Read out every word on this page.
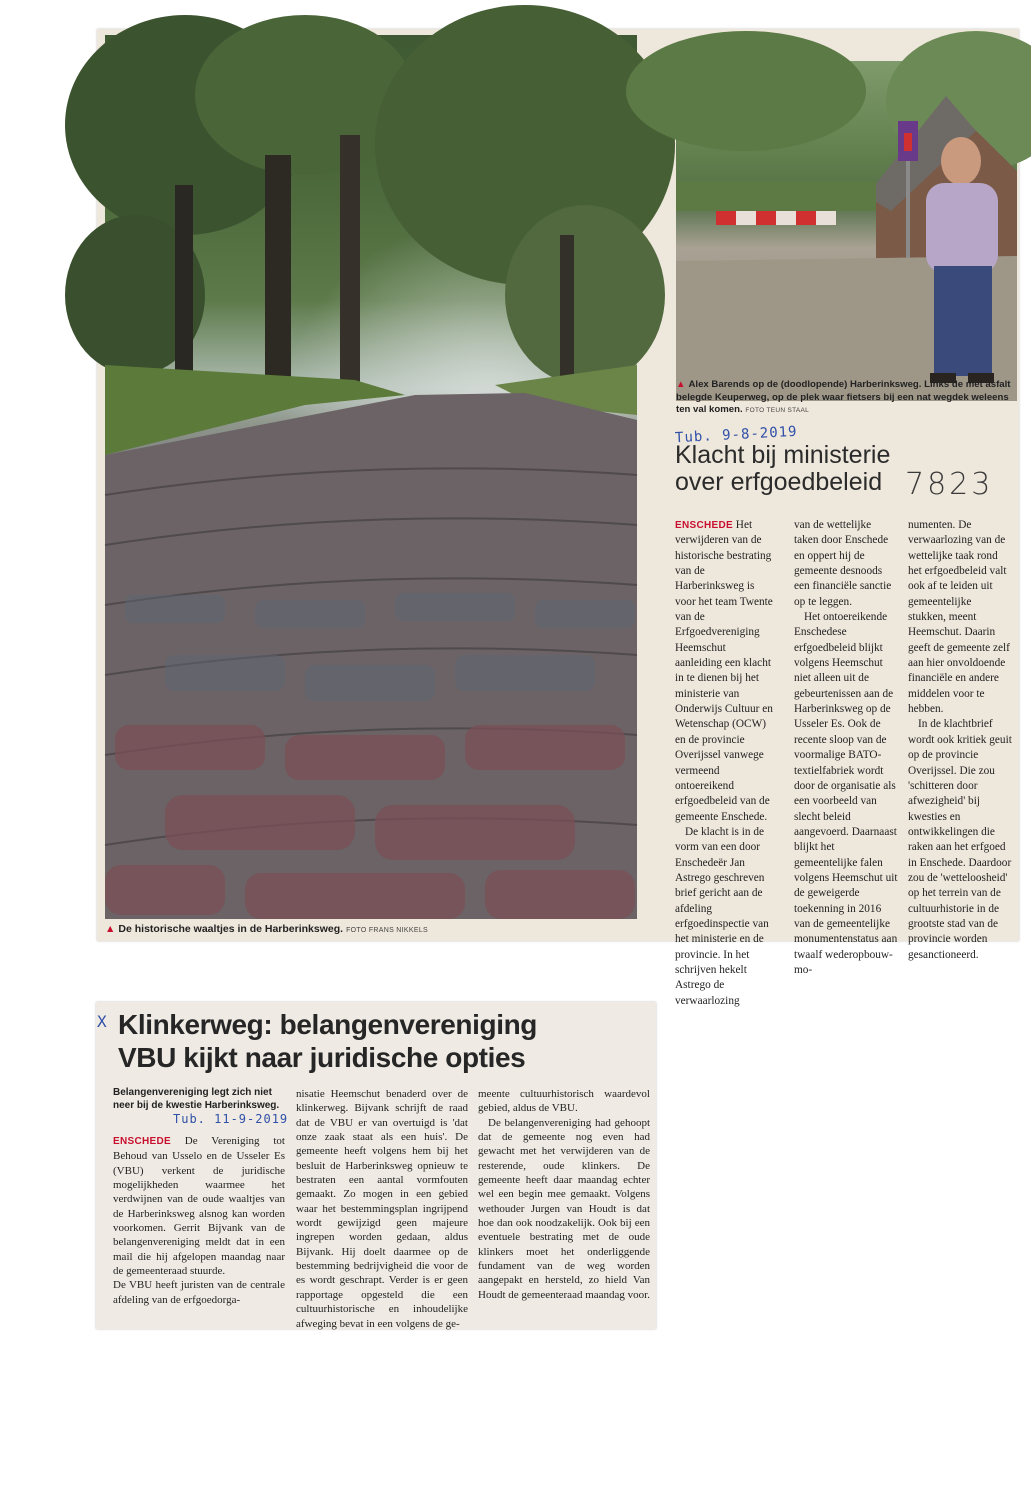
▲ De historische waaltjes in de Harberinksweg. FOTO FRANS NIKKELS
▲ Alex Barends op de (doodlopende) Harberinksweg. Links de met asfalt belegde Keuperweg, op de plek waar fietsers bij een nat wegdek weleens ten val komen. FOTO TEUN STAAL
Tub. 9-8-2019
Klacht bij ministerie
over erfgoedbeleid 7823

ENSCHEDE Het verwijderen van de historische bestrating van de Harberinksweg is voor het team Twente van de Erfgoedvereniging Heemschut aanleiding een klacht in te dienen bij het ministerie van Onderwijs Cultuur en Wetenschap (OCW) en de provincie Overijssel vanwege vermeend ontoereikend erfgoedbeleid van de gemeente Enschede.

De klacht is in de vorm van een door Enschedeër Jan Astrego geschreven brief gericht aan de afdeling erfgoedinspectie van het ministerie en de provincie. In het schrijven hekelt Astrego de verwaarlozing

van de wettelijke taken door Enschede en oppert hij de gemeente desnoods een financiële sanctie op te leggen.

Het ontoereikende Enschedese erfgoedbeleid blijkt volgens Heemschut niet alleen uit de gebeurtenissen aan de Harberinksweg op de Usseler Es. Ook de recente sloop van de voormalige BATO-textielfabriek wordt door de organisatie als een voorbeeld van slecht beleid aangevoerd. Daarnaast blijkt het gemeentelijke falen volgens Heemschut uit de geweigerde toekenning in 2016 van de gemeentelijke monumentenstatus aan twaalf wederopbouw-mo-

numenten. De verwaarlozing van de wettelijke taak rond het erfgoedbeleid valt ook af te leiden uit gemeentelijke stukken, meent Heemschut. Daarin geeft de gemeente zelf aan hier onvoldoende financiële en andere middelen voor te hebben.

In de klachtbrief wordt ook kritiek geuit op de provincie Overijssel. Die zou 'schitteren door afwezigheid' bij kwesties en ontwikkelingen die raken aan het erfgoed in Enschede. Daardoor zou de 'wetteloosheid' op het terrein van de cultuurhistorie in de grootste stad van de provincie worden gesanctioneerd.

X Klinkerweg: belangenvereniging
VBU kijkt naar juridische opties
Belangenvereniging legt zich niet neer bij de kwestie Harberinksweg.
Tub. 11-9-2019

ENSCHEDE De Vereniging tot Behoud van Usselo en de Usseler Es (VBU) verkent de juridische mogelijkheden waarmee het verdwijnen van de oude waaltjes van de Harberinksweg alsnog kan worden voorkomen. Gerrit Bijvank van de belangenvereniging meldt dat in een mail die hij afgelopen maandag naar de gemeenteraad stuurde.

De VBU heeft juristen van de centrale afdeling van de erfgoedorga-

nisatie Heemschut benaderd over de klinkerweg. Bijvank schrijft de raad dat de VBU er van overtuigd is 'dat onze zaak staat als een huis'. De gemeente heeft volgens hem bij het besluit de Harberinksweg opnieuw te bestraten een aantal vormfouten gemaakt. Zo mogen in een gebied waar het bestemmingsplan ingrijpend wordt gewijzigd geen majeure ingrepen worden gedaan, aldus Bijvank. Hij doelt daarmee op de bestemming bedrijvigheid die voor de es wordt geschrapt. Verder is er geen rapportage opgesteld die een cultuurhistorische en inhoudelijke afweging bevat in een volgens de ge-

meente cultuurhistorisch waardevol gebied, aldus de VBU.

De belangenvereniging had gehoopt dat de gemeente nog even had gewacht met het verwijderen van de resterende, oude klinkers. De gemeente heeft daar maandag echter wel een begin mee gemaakt. Volgens wethouder Jurgen van Houdt is dat hoe dan ook noodzakelijk. Ook bij een eventuele bestrating met de oude klinkers moet het onderliggende fundament van de weg worden aangepakt en hersteld, zo hield Van Houdt de gemeenteraad maandag voor.
